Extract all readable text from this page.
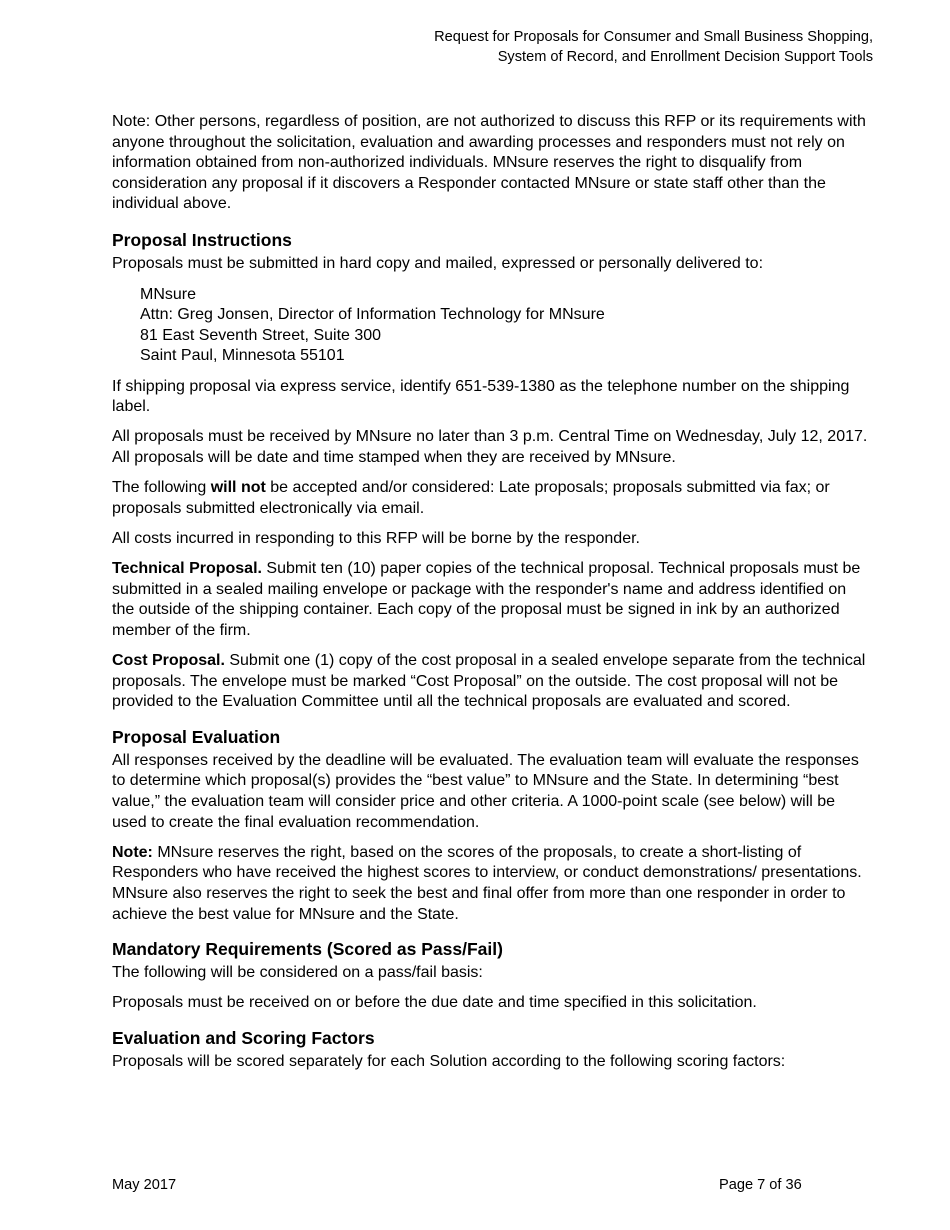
Request for Proposals for Consumer and Small Business Shopping,
System of Record, and Enrollment Decision Support Tools

Note: Other persons, regardless of position, are not authorized to discuss this RFP or its requirements with anyone throughout the solicitation, evaluation and awarding processes and responders must not rely on information obtained from non-authorized individuals. MNsure reserves the right to disqualify from consideration any proposal if it discovers a Responder contacted MNsure or state staff other than the individual above.

Proposal Instructions

Proposals must be submitted in hard copy and mailed, expressed or personally delivered to:

MNsure
Attn: Greg Jonsen, Director of Information Technology for MNsure
81 East Seventh Street, Suite 300
Saint Paul, Minnesota 55101

If shipping proposal via express service, identify 651-539-1380 as the telephone number on the shipping label.

All proposals must be received by MNsure no later than 3 p.m. Central Time on Wednesday, July 12, 2017. All proposals will be date and time stamped when they are received by MNsure.

The following will not be accepted and/or considered: Late proposals; proposals submitted via fax; or proposals submitted electronically via email.

All costs incurred in responding to this RFP will be borne by the responder.

Technical Proposal. Submit ten (10) paper copies of the technical proposal. Technical proposals must be submitted in a sealed mailing envelope or package with the responder's name and address identified on the outside of the shipping container. Each copy of the proposal must be signed in ink by an authorized member of the firm.

Cost Proposal. Submit one (1) copy of the cost proposal in a sealed envelope separate from the technical proposals. The envelope must be marked “Cost Proposal” on the outside. The cost proposal will not be provided to the Evaluation Committee until all the technical proposals are evaluated and scored.

Proposal Evaluation

All responses received by the deadline will be evaluated. The evaluation team will evaluate the responses to determine which proposal(s) provides the “best value” to MNsure and the State. In determining “best value,” the evaluation team will consider price and other criteria. A 1000-point scale (see below) will be used to create the final evaluation recommendation.

Note: MNsure reserves the right, based on the scores of the proposals, to create a short-listing of Responders who have received the highest scores to interview, or conduct demonstrations/ presentations. MNsure also reserves the right to seek the best and final offer from more than one responder in order to achieve the best value for MNsure and the State.

Mandatory Requirements (Scored as Pass/Fail)

The following will be considered on a pass/fail basis:

Proposals must be received on or before the due date and time specified in this solicitation.

Evaluation and Scoring Factors

Proposals will be scored separately for each Solution according to the following scoring factors:

May 2017	Page 7 of 36
